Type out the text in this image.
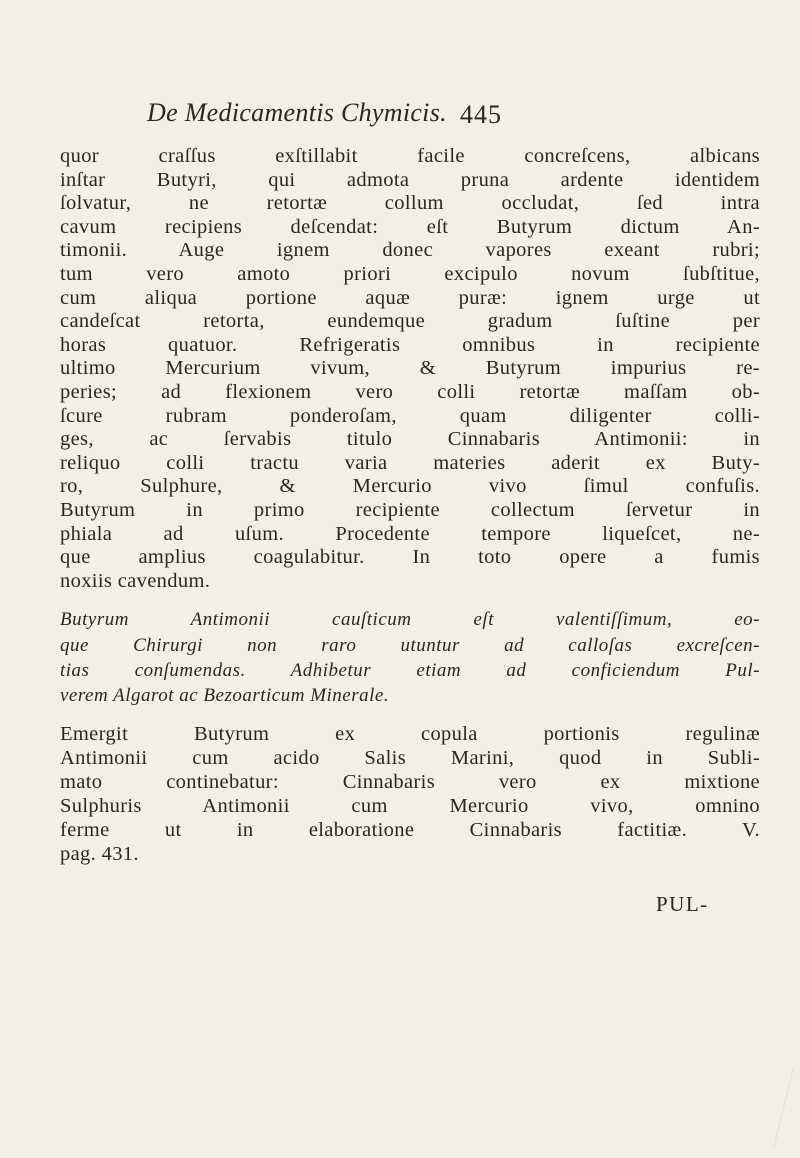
De Medicamentis Chymicis. 445
quor craſſus exſtillabit facile concreſcens, albicans
inſtar Butyri, qui admota pruna ardente identidem
ſolvatur, ne retortæ collum occludat, ſed intra
cavum recipiens deſcendat: eſt Butyrum dictum An-
timonii. Auge ignem donec vapores exeant rubri;
tum vero amoto priori excipulo novum ſubſtitue,
cum aliqua portione aquæ puræ: ignem urge ut
candeſcat retorta, eundemque gradum ſuſtine per
horas quatuor. Refrigeratis omnibus in recipiente
ultimo Mercurium vivum, & Butyrum impurius re-
peries; ad flexionem vero colli retortæ maſſam ob-
ſcure rubram ponderoſam, quam diligenter colli-
ges, ac ſervabis titulo Cinnabaris Antimonii: in
reliquo colli tractu varia materies aderit ex Buty-
ro, Sulphure, & Mercurio vivo ſimul confuſis.
Butyrum in primo recipiente collectum ſervetur in
phiala ad uſum. Procedente tempore liqueſcet, ne-
que amplius coagulabitur. In toto opere a fumis
noxiis cavendum.
Butyrum Antimonii cauſticum eſt valentiſſimum, eo-
que Chirurgi non raro utuntur ad calloſas excreſcen-
tias conſumendas. Adhibetur etiam ad conficiendum Pul-
verem Algarot ac Bezoarticum Minerale.
Emergit Butyrum ex copula portionis regulinæ
Antimonii cum acido Salis Marini, quod in Subli-
mato continebatur: Cinnabaris vero ex mixtione
Sulphuris Antimonii cum Mercurio vivo, omnino
ferme ut in elaboratione Cinnabaris factitiæ. V.
pag. 431.
PUL-
